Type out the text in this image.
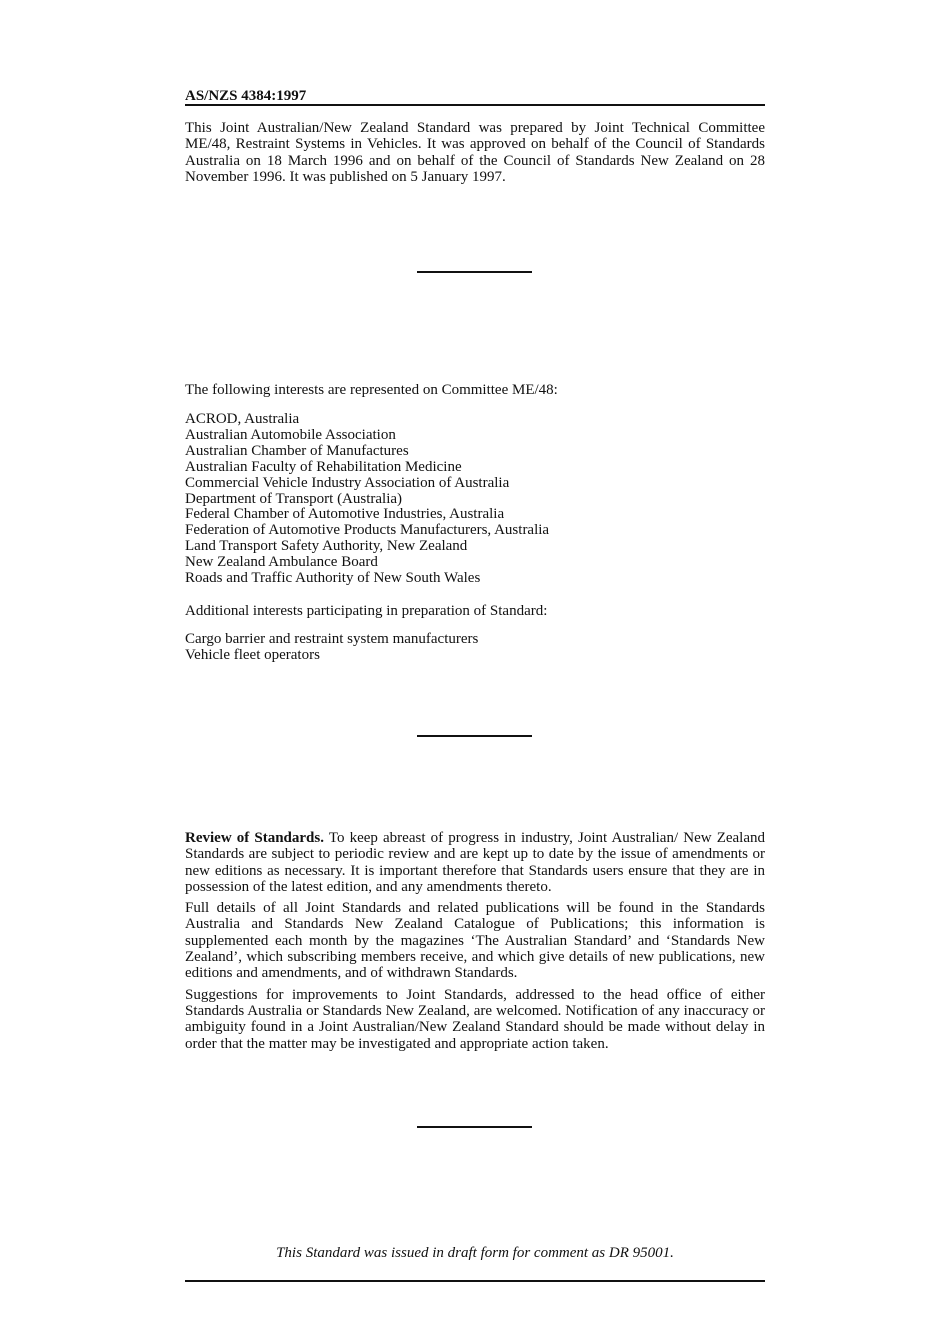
AS/NZS 4384:1997

This Joint Australian/New Zealand Standard was prepared by Joint Technical Committee ME/48, Restraint Systems in Vehicles. It was approved on behalf of the Council of Standards Australia on 18 March 1996 and on behalf of the Council of Standards New Zealand on 28 November 1996. It was published on 5 January 1997.

The following interests are represented on Committee ME/48:
ACROD, Australia
Australian Automobile Association
Australian Chamber of Manufactures
Australian Faculty of Rehabilitation Medicine
Commercial Vehicle Industry Association of Australia
Department of Transport (Australia)
Federal Chamber of Automotive Industries, Australia
Federation of Automotive Products Manufacturers, Australia
Land Transport Safety Authority, New Zealand
New Zealand Ambulance Board
Roads and Traffic Authority of New South Wales
Additional interests participating in preparation of Standard:
Cargo barrier and restraint system manufacturers
Vehicle fleet operators

Review of Standards. To keep abreast of progress in industry, Joint Australian/ New Zealand Standards are subject to periodic review and are kept up to date by the issue of amendments or new editions as necessary. It is important therefore that Standards users ensure that they are in possession of the latest edition, and any amendments thereto.

Full details of all Joint Standards and related publications will be found in the Standards Australia and Standards New Zealand Catalogue of Publications; this information is supplemented each month by the magazines ‘The Australian Standard’ and ‘Standards New Zealand’, which subscribing members receive, and which give details of new publications, new editions and amendments, and of withdrawn Standards.

Suggestions for improvements to Joint Standards, addressed to the head office of either Standards Australia or Standards New Zealand, are welcomed. Notification of any inaccuracy or ambiguity found in a Joint Australian/New Zealand Standard should be made without delay in order that the matter may be investigated and appropriate action taken.

This Standard was issued in draft form for comment as DR 95001.
